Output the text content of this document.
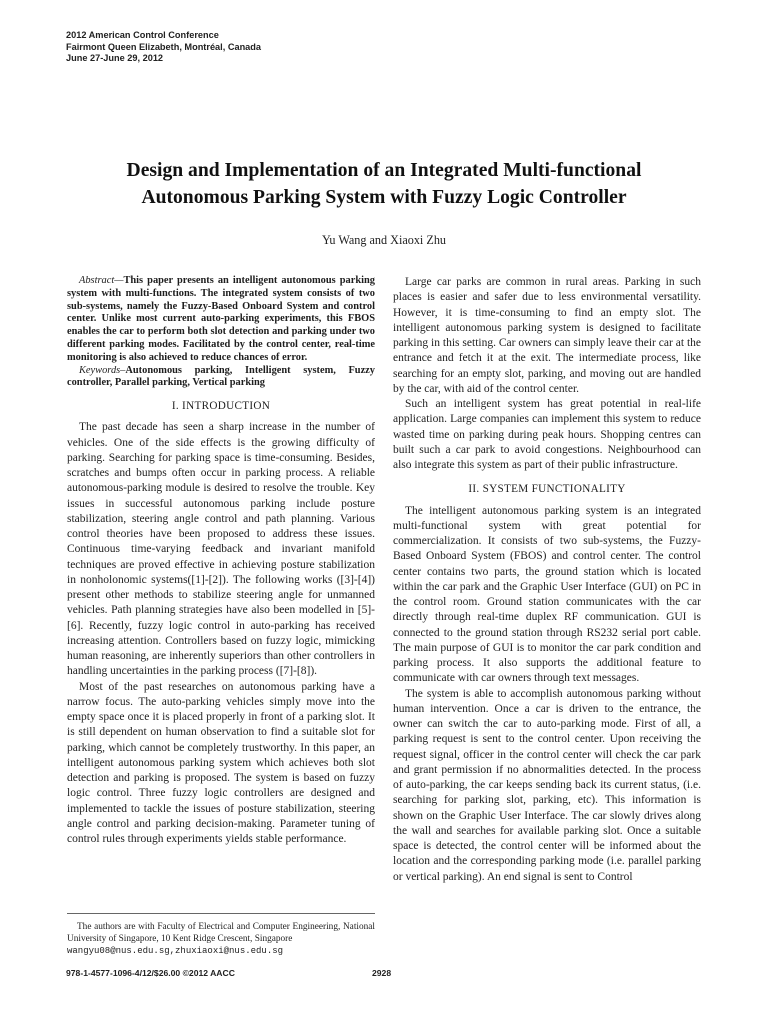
2012 American Control Conference
Fairmont Queen Elizabeth, Montréal, Canada
June 27-June 29, 2012
Design and Implementation of an Integrated Multi-functional
Autonomous Parking System with Fuzzy Logic Controller
Yu Wang and Xiaoxi Zhu

Abstract—This paper presents an intelligent autonomous parking system with multi-functions. The integrated system consists of two sub-systems, namely the Fuzzy-Based Onboard System and control center. Unlike most current auto-parking experiments, this FBOS enables the car to perform both slot detection and parking under two different parking modes. Facilitated by the control center, real-time monitoring is also achieved to reduce chances of error.

Keywords–Autonomous parking, Intelligent system, Fuzzy controller, Parallel parking, Vertical parking

I. INTRODUCTION

The past decade has seen a sharp increase in the number of vehicles. One of the side effects is the growing difficulty of parking. Searching for parking space is time-consuming. Besides, scratches and bumps often occur in parking process. A reliable autonomous-parking module is desired to resolve the trouble. Key issues in successful autonomous parking include posture stabilization, steering angle control and path planning. Various control theories have been proposed to address these issues. Continuous time-varying feedback and invariant manifold techniques are proved effective in achieving posture stabilization in nonholonomic systems([1]-[2]). The following works ([3]-[4]) present other methods to stabilize steering angle for unmanned vehicles. Path planning strategies have also been modelled in [5]-[6]. Recently, fuzzy logic control in auto-parking has received increasing attention. Controllers based on fuzzy logic, mimicking human reasoning, are inherently superiors than other controllers in handling uncertainties in the parking process ([7]-[8]).

Most of the past researches on autonomous parking have a narrow focus. The auto-parking vehicles simply move into the empty space once it is placed properly in front of a parking slot. It is still dependent on human observation to find a suitable slot for parking, which cannot be completely trustworthy. In this paper, an intelligent autonomous parking system which achieves both slot detection and parking is proposed. The system is based on fuzzy logic control. Three fuzzy logic controllers are designed and implemented to tackle the issues of posture stabilization, steering angle control and parking decision-making. Parameter tuning of control rules through experiments yields stable performance.

Large car parks are common in rural areas. Parking in such places is easier and safer due to less environmental versatility. However, it is time-consuming to find an empty slot. The intelligent autonomous parking system is designed to facilitate parking in this setting. Car owners can simply leave their car at the entrance and fetch it at the exit. The intermediate process, like searching for an empty slot, parking, and moving out are handled by the car, with aid of the control center.

Such an intelligent system has great potential in real-life application. Large companies can implement this system to reduce wasted time on parking during peak hours. Shopping centres can built such a car park to avoid congestions. Neighbourhood can also integrate this system as part of their public infrastructure.

II. SYSTEM FUNCTIONALITY

The intelligent autonomous parking system is an integrated multi-functional system with great potential for commercialization. It consists of two sub-systems, the Fuzzy-Based Onboard System (FBOS) and control center. The control center contains two parts, the ground station which is located within the car park and the Graphic User Interface (GUI) on PC in the control room. Ground station communicates with the car directly through real-time duplex RF communication. GUI is connected to the ground station through RS232 serial port cable. The main purpose of GUI is to monitor the car park condition and parking process. It also supports the additional feature to communicate with car owners through text messages.

The system is able to accomplish autonomous parking without human intervention. Once a car is driven to the entrance, the owner can switch the car to auto-parking mode. First of all, a parking request is sent to the control center. Upon receiving the request signal, officer in the control center will check the car park and grant permission if no abnormalities detected. In the process of auto-parking, the car keeps sending back its current status, (i.e. searching for parking slot, parking, etc). This information is shown on the Graphic User Interface. The car slowly drives along the wall and searches for available parking slot. Once a suitable space is detected, the control center will be informed about the location and the corresponding parking mode (i.e. parallel parking or vertical parking). An end signal is sent to Control

The authors are with Faculty of Electrical and Computer Engineering, National University of Singapore, 10 Kent Ridge Crescent, Singapore
wangyu08@nus.edu.sg,zhuxiaoxi@nus.edu.sg
978-1-4577-1096-4/12/$26.00 ©2012 AACC	2928
